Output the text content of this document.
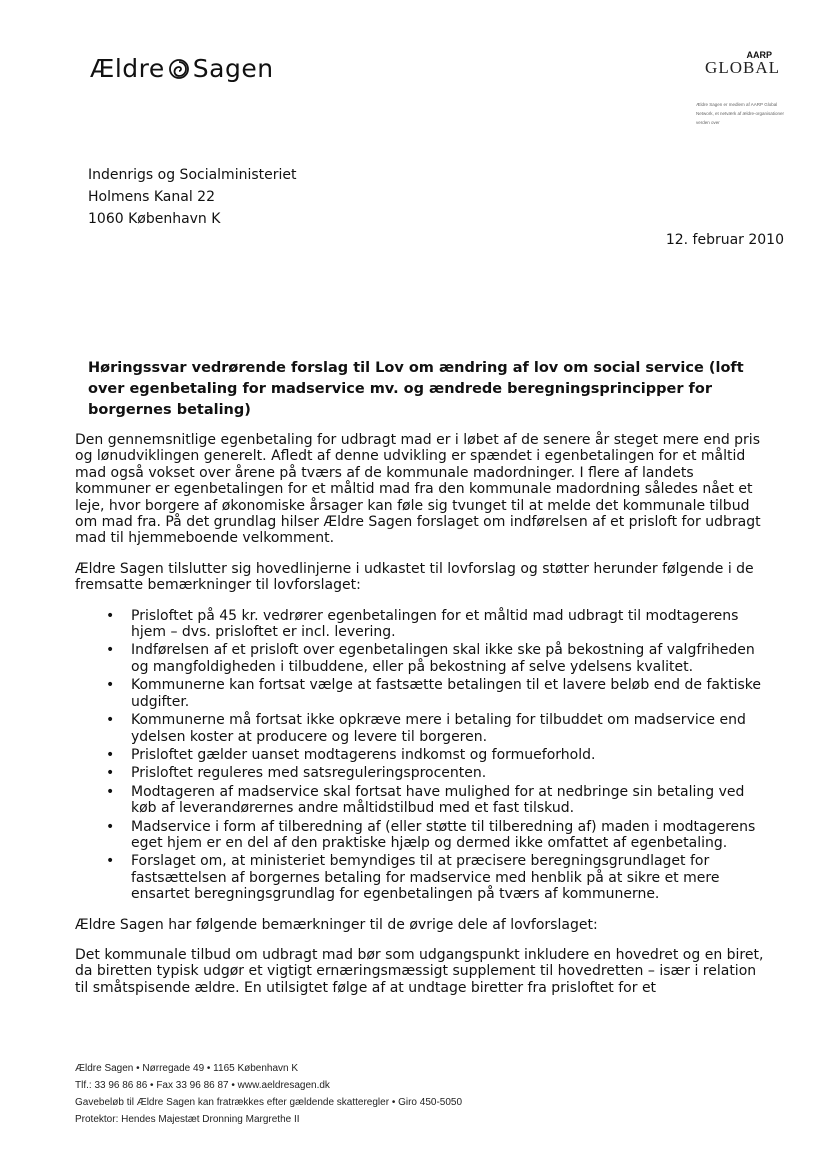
Ældre Sagen	AARP
GLOBAL
Ældre Sagen er medlem af AARP Global Network, et netværk af ældre-organisationer verden over
Indenrigs og Socialministeriet
Holmens Kanal 22
1060 København K
12. februar 2010
Høringssvar vedrørende forslag til Lov om ændring af lov om social service (loft over egenbetaling for madservice mv. og ændrede beregningsprincipper for borgernes betaling)

Den gennemsnitlige egenbetaling for udbragt mad er i løbet af de senere år steget mere end pris og lønudviklingen generelt. Afledt af denne udvikling er spændet i egenbetalingen for et måltid mad også vokset over årene på tværs af de kommunale madordninger. I flere af landets kommuner er egenbetalingen for et måltid mad fra den kommunale madordning således nået et leje, hvor borgere af økonomiske årsager kan føle sig tvunget til at melde det kommunale tilbud om mad fra. På det grundlag hilser Ældre Sagen forslaget om indførelsen af et prisloft for udbragt mad til hjemmeboende velkomment.

Ældre Sagen tilslutter sig hovedlinjerne i udkastet til lovforslag og støtter herunder følgende i de fremsatte bemærkninger til lovforslaget:

• Prisloftet på 45 kr. vedrører egenbetalingen for et måltid mad udbragt til modtagerens hjem – dvs. prisloftet er incl. levering.
• Indførelsen af et prisloft over egenbetalingen skal ikke ske på bekostning af valgfriheden og mangfoldigheden i tilbuddene, eller på bekostning af selve ydelsens kvalitet.
• Kommunerne kan fortsat vælge at fastsætte betalingen til et lavere beløb end de faktiske udgifter.
• Kommunerne må fortsat ikke opkræve mere i betaling for tilbuddet om madservice end ydelsen koster at producere og levere til borgeren.
• Prisloftet gælder uanset modtagerens indkomst og formueforhold.
• Prisloftet reguleres med satsreguleringsprocenten.
• Modtageren af madservice skal fortsat have mulighed for at nedbringe sin betaling ved køb af leverandørernes andre måltidstilbud med et fast tilskud.
• Madservice i form af tilberedning af (eller støtte til tilberedning af) maden i modtagerens eget hjem er en del af den praktiske hjælp og dermed ikke omfattet af egenbetaling.
• Forslaget om, at ministeriet bemyndiges til at præcisere beregningsgrundlaget for fastsættelsen af borgernes betaling for madservice med henblik på at sikre et mere ensartet beregningsgrundlag for egenbetalingen på tværs af kommunerne.

Ældre Sagen har følgende bemærkninger til de øvrige dele af lovforslaget:

Det kommunale tilbud om udbragt mad bør som udgangspunkt inkludere en hovedret og en biret, da biretten typisk udgør et vigtigt ernæringsmæssigt supplement til hovedretten – især i relation til småtspisende ældre. En utilsigtet følge af at undtage biretter fra prisloftet for et

Ældre Sagen • Nørregade 49 • 1165 København K
Tlf.: 33 96 86 86 • Fax 33 96 86 87 • www.aeldresagen.dk
Gavebeløb til Ældre Sagen kan fratrækkes efter gældende skatteregler • Giro 450-5050
Protektor: Hendes Majestæt Dronning Margrethe II
